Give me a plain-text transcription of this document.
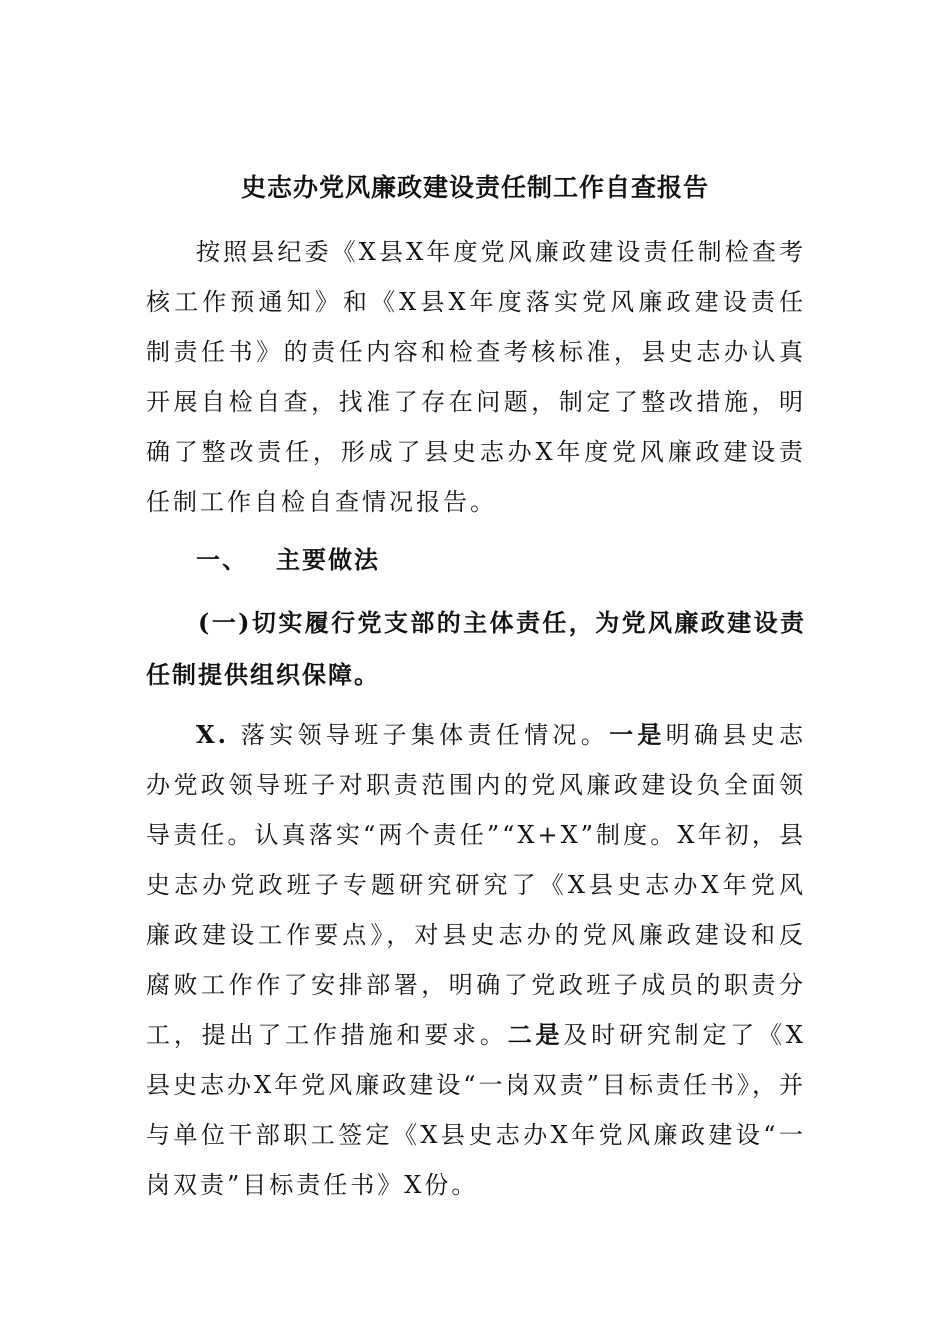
史志办党风廉政建设责任制工作自查报告
按照县纪委《X县X年度党风廉政建设责任制检查考核工作预通知》和《X县X年度落实党风廉政建设责任制责任书》的责任内容和检查考核标准，县史志办认真开展自检自查，找准了存在问题，制定了整改措施，明确了整改责任，形成了县史志办X年度党风廉政建设责任制工作自检自查情况报告。
一、 主要做法
(一)切实履行党支部的主体责任，为党风廉政建设责任制提供组织保障。
X. 落实领导班子集体责任情况。一是明确县史志办党政领导班子对职责范围内的党风廉政建设负全面领导责任。认真落实“两个责任”“X+X”制度。X年初，县史志办党政班子专题研究研究了《X县史志办X年党风廉政建设工作要点》，对县史志办的党风廉政建设和反腐败工作作了安排部署，明确了党政班子成员的职责分工，提出了工作措施和要求。二是及时研究制定了《X县史志办X年党风廉政建设“一岗双责”目标责任书》，并与单位干部职工签定《X县史志办X年党风廉政建设“一岗双责”目标责任书》X份。
